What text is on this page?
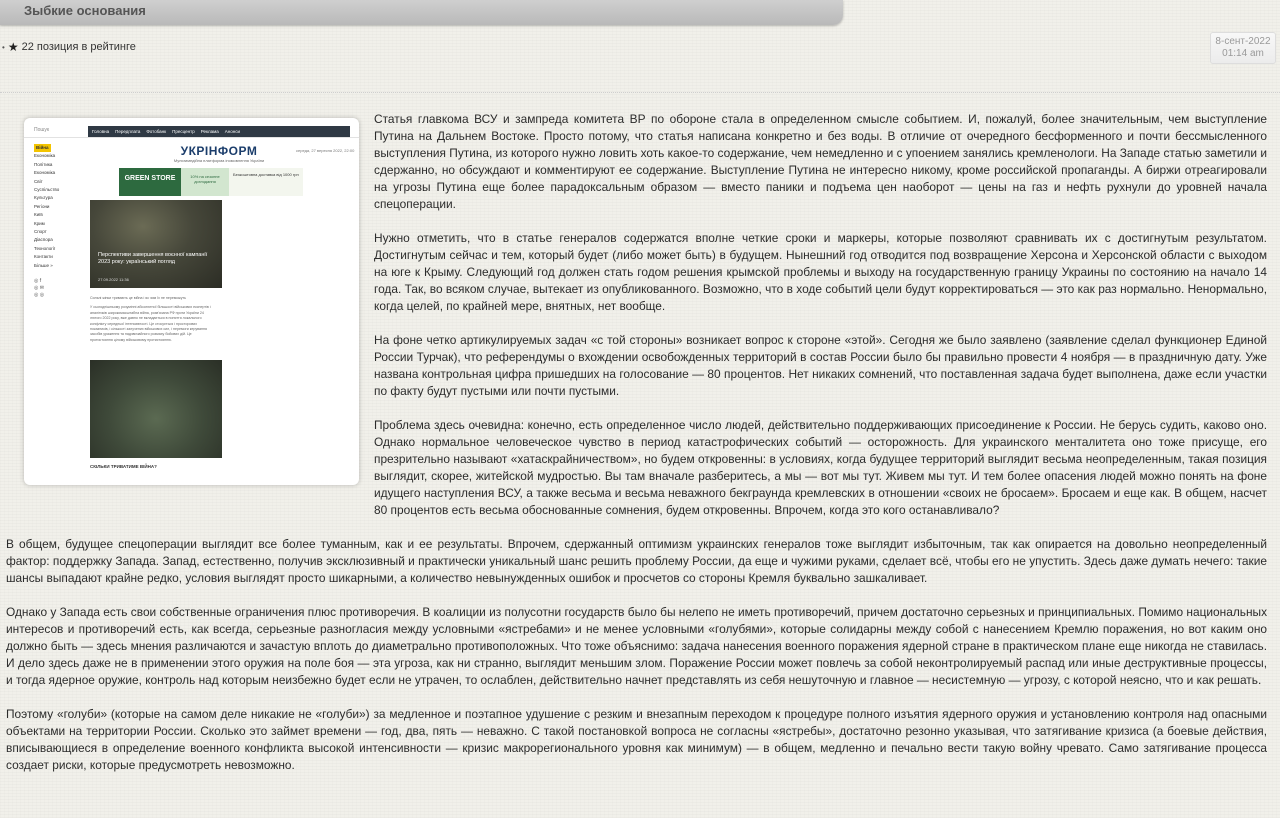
Зыбкие основания
• ★ 22 позиция в рейтинге	8-сент-2022
01:14 am
Пошук	Головна Передплата Фотобанк Пресцентр Реклама Анонси
Війна
Економіка
Політика
Економіка
Світ
Суспільство
Культура
Регіони
Київ
Крим
Спорт
Діаспора
Технології
Контакти
Більше »
УКРІНФОРМ
Мультимедійна платформа іномовлення України
середа, 27 вересня 2022, 22:00
GREEN STORE	10% на сезонне доглядання
Безкоштовна доставка від 1000 грн
Перспективи завершення воєнної кампанії 2023 року: український погляд
27.09.2022 11:36
◎ f
◎ ✉
◎ ◎	Сильні жінки тривають це війна і як чим їх не переможуть
У сьогоднішньому розумінні абсолютної більшості військових експертів і
аналітиків широкомасштабна війна, розв'язана РФ проти України 24
лютого 2022 року, вже давно не вкладається в поняття локального
конфлікту середньої інтенсивності. Це стосується і просторових
показників, і кількості залучених військових сил, і перемоги керування
засобів ураження та надзвичайного розмаху бойових дій. Це
протистояння цілому військовому протистоянню.
СКІЛЬКИ ТРИВАТИМЕ ВІЙНА?

Статья главкома ВСУ и зампреда комитета ВР по обороне стала в определенном смысле событием. И, пожалуй, более значительным, чем выступление Путина на Дальнем Востоке. Просто потому, что статья написана конкретно и без воды. В отличие от очередного бесформенного и почти бессмысленного выступления Путина, из которого нужно ловить хоть какое-то содержание, чем немедленно и с упоением занялись кремленологи. На Западе статью заметили и сдержанно, но обсуждают и комментируют ее содержание. Выступление Путина не интересно никому, кроме российской пропаганды. А биржи отреагировали на угрозы Путина еще более парадоксальным образом — вместо паники и подъема цен наоборот — цены на газ и нефть рухнули до уровней начала спецоперации.

Нужно отметить, что в статье генералов содержатся вполне четкие сроки и маркеры, которые позволяют сравнивать их с достигнутым результатом. Достигнутым сейчас и тем, который будет (либо может быть) в будущем. Нынешний год отводится под возвращение Херсона и Херсонской области с выходом на юге к Крыму. Следующий год должен стать годом решения крымской проблемы и выходу на государственную границу Украины по состоянию на начало 14 года. Так, во всяком случае, вытекает из опубликованного. Возможно, что в ходе событий цели будут корректироваться — это как раз нормально. Ненормально, когда целей, по крайней мере, внятных, нет вообще.

На фоне четко артикулируемых задач «с той стороны» возникает вопрос к стороне «этой». Сегодня же было заявлено (заявление сделал функционер Единой России Турчак), что референдумы о вхождении освобожденных территорий в состав России было бы правильно провести 4 ноября — в праздничную дату. Уже названа контрольная цифра пришедших на голосование — 80 процентов. Нет никаких сомнений, что поставленная задача будет выполнена, даже если участки по факту будут пустыми или почти пустыми.

Проблема здесь очевидна: конечно, есть определенное число людей, действительно поддерживающих присоединение к России. Не берусь судить, каково оно. Однако нормальное человеческое чувство в период катастрофических событий — осторожность. Для украинского менталитета оно тоже присуще, его презрительно называют «хатаскрайничеством», но будем откровенны: в условиях, когда будущее территорий выглядит весьма неопределенным, такая позиция выглядит, скорее, житейской мудростью. Вы там вначале разберитесь, а мы — вот мы тут. Живем мы тут. И тем более опасения людей можно понять на фоне идущего наступления ВСУ, а также весьма и весьма неважного бекграунда кремлевских в отношении «своих не бросаем». Бросаем и еще как. В общем, насчет 80 процентов есть весьма обоснованные сомнения, будем откровенны. Впрочем, когда это кого останавливало?

В общем, будущее спецоперации выглядит все более туманным, как и ее результаты. Впрочем, сдержанный оптимизм украинских генералов тоже выглядит избыточным, так как опирается на довольно неопределенный фактор: поддержку Запада. Запад, естественно, получив эксклюзивный и практически уникальный шанс решить проблему России, да еще и чужими руками, сделает всё, чтобы его не упустить. Здесь даже думать нечего: такие шансы выпадают крайне редко, условия выглядят просто шикарными, а количество невынужденных ошибок и просчетов со стороны Кремля буквально зашкаливает.

Однако у Запада есть свои собственные ограничения плюс противоречия. В коалиции из полусотни государств было бы нелепо не иметь противоречий, причем достаточно серьезных и принципиальных. Помимо национальных интересов и противоречий есть, как всегда, серьезные разногласия между условными «ястребами» и не менее условными «голубями», которые солидарны между собой с нанесением Кремлю поражения, но вот каким оно должно быть — здесь мнения различаются и зачастую вплоть до диаметрально противоположных. Что тоже объяснимо: задача нанесения военного поражения ядерной стране в практическом плане еще никогда не ставилась. И дело здесь даже не в применении этого оружия на поле боя — эта угроза, как ни странно, выглядит меньшим злом. Поражение России может повлечь за собой неконтролируемый распад или иные деструктивные процессы, и тогда ядерное оружие, контроль над которым неизбежно будет если не утрачен, то ослаблен, действительно начнет представлять из себя нешуточную и главное — несистемную — угрозу, с которой неясно, что и как решать.

Поэтому «голуби» (которые на самом деле никакие не «голуби») за медленное и поэтапное удушение с резким и внезапным переходом к процедуре полного изъятия ядерного оружия и установлению контроля над опасными объектами на территории России. Сколько это займет времени — год, два, пять — неважно. С такой постановкой вопроса не согласны «ястребы», достаточно резонно указывая, что затягивание кризиса (а боевые действия, вписывающиеся в определение военного конфликта высокой интенсивности — кризис макрорегионального уровня как минимум) — в общем, медленно и печально вести такую войну чревато. Само затягивание процесса создает риски, которые предусмотреть невозможно.
